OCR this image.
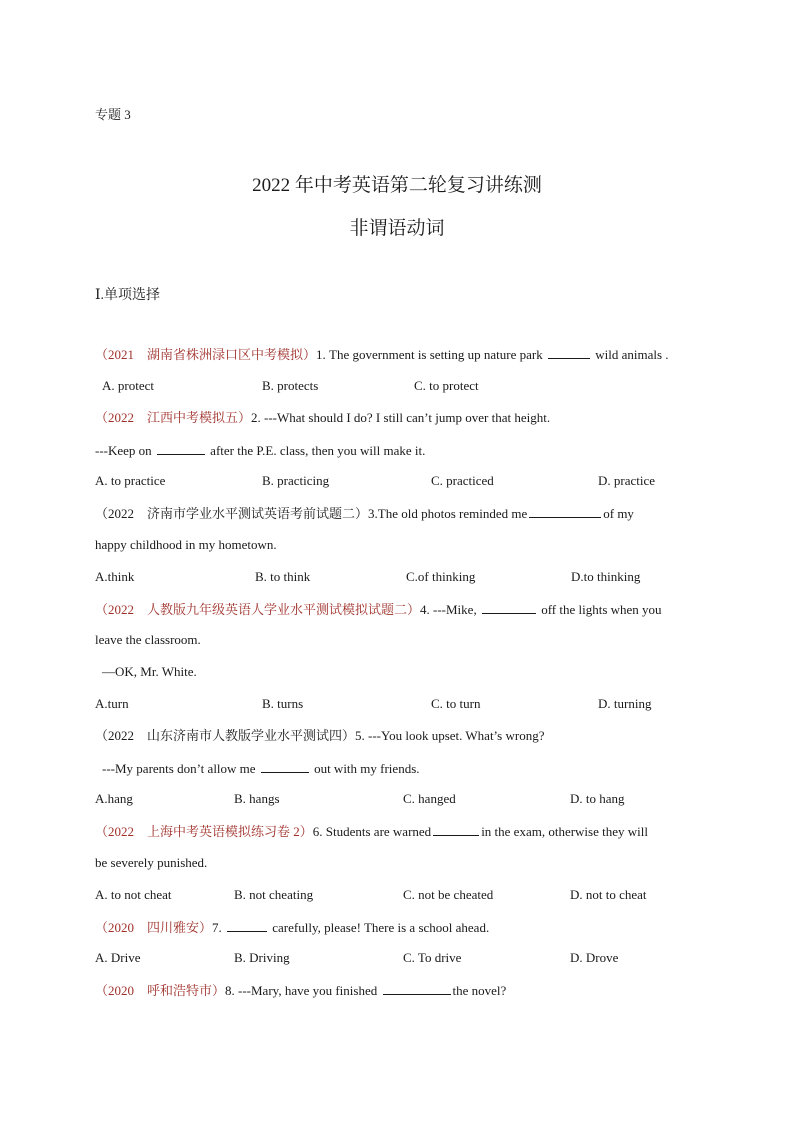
专题 3
2022 年中考英语第二轮复习讲练测
非谓语动词
Ⅰ.单项选择
（2021　湖南省株洲渌口区中考模拟）1. The government is setting up nature park	wild animals .
A. protect	B. protects	C. to protect
（2022　江西中考模拟五）2. ---What should I do? I still can’t jump over that height.
---Keep on	after the P.E. class, then you will make it.
A. to practice	B. practicing	C. practiced	D. practice
（2022　济南市学业水平测试英语考前试题二）3.The old photos reminded me	of my
happy childhood in my hometown.
A.think	B. to think	C.of thinking	D.to thinking
（2022　人教版九年级英语人学业水平测试模拟试题二）4. ---Mike,	off the lights when you
leave the classroom.
—OK, Mr. White.
A.turn	B. turns	C. to turn	D. turning
（2022　山东济南市人教版学业水平测试四）5. ---You look upset. What’s wrong?
---My parents don’t allow me	out with my friends.
A.hang	B. hangs	C. hanged	D. to hang
（2022　上海中考英语模拟练习卷 2）6. Students are warned	in the exam, otherwise they will
be severely punished.
A. to not cheat	B. not cheating	C. not be cheated	D. not to cheat
（2020　四川雅安）7.	carefully, please! There is a school ahead.
A. Drive	B. Driving	C. To drive	D. Drove
（2020　呼和浩特市）8. ---Mary, have you finished	the novel?
